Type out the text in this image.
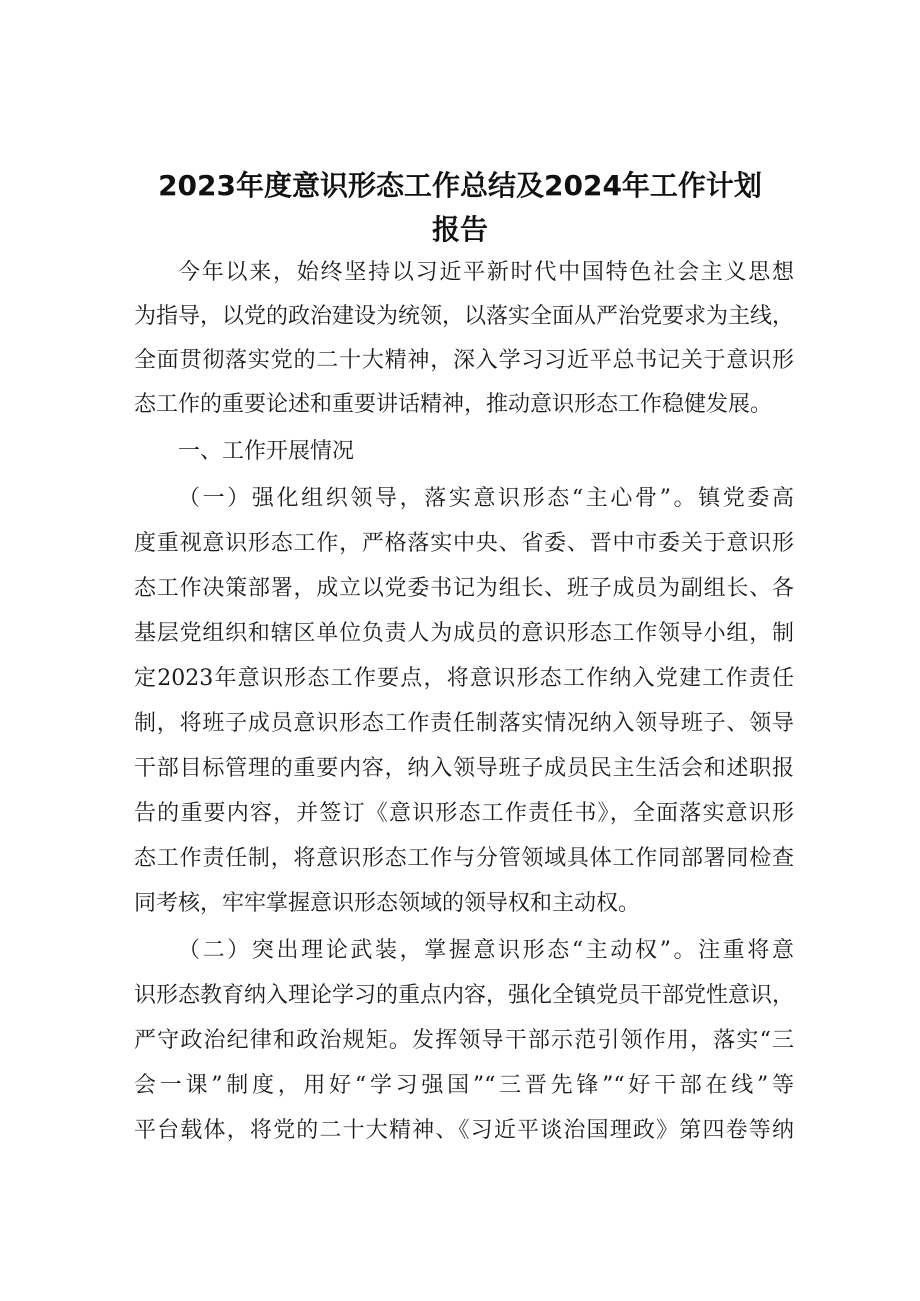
2023年度意识形态工作总结及2024年工作计划
报告
今年以来，始终坚持以习近平新时代中国特色社会主义思想
为指导，以党的政治建设为统领，以落实全面从严治党要求为主线，
全面贯彻落实党的二十大精神，深入学习习近平总书记关于意识形
态工作的重要论述和重要讲话精神，推动意识形态工作稳健发展。
一、工作开展情况
（一）强化组织领导，落实意识形态“主心骨”。镇党委高
度重视意识形态工作，严格落实中央、省委、晋中市委关于意识形
态工作决策部署，成立以党委书记为组长、班子成员为副组长、各
基层党组织和辖区单位负责人为成员的意识形态工作领导小组，制
定2023年意识形态工作要点，将意识形态工作纳入党建工作责任
制，将班子成员意识形态工作责任制落实情况纳入领导班子、领导
干部目标管理的重要内容，纳入领导班子成员民主生活会和述职报
告的重要内容，并签订《意识形态工作责任书》，全面落实意识形
态工作责任制，将意识形态工作与分管领域具体工作同部署同检查
同考核，牢牢掌握意识形态领域的领导权和主动权。
（二）突出理论武装，掌握意识形态“主动权”。注重将意
识形态教育纳入理论学习的重点内容，强化全镇党员干部党性意识，
严守政治纪律和政治规矩。发挥领导干部示范引领作用，落实“三
会一课”制度，用好“学习强国”“三晋先锋”“好干部在线”等
平台载体，将党的二十大精神、《习近平谈治国理政》第四卷等纳
